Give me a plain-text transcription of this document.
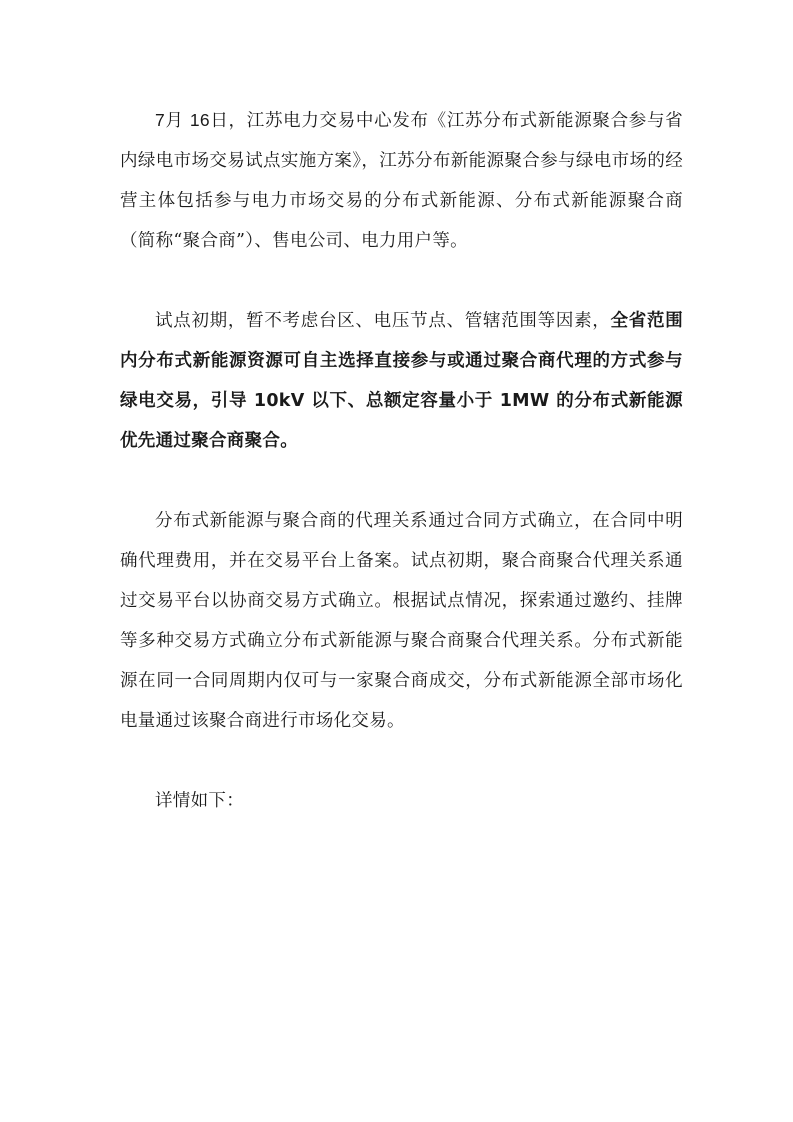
7月 16日，江苏电力交易中心发布《江苏分布式新能源聚合参与省内绿电市场交易试点实施方案》，江苏分布新能源聚合参与绿电市场的经营主体包括参与电力市场交易的分布式新能源、分布式新能源聚合商（简称“聚合商”）、售电公司、电力用户等。

试点初期，暂不考虑台区、电压节点、管辖范围等因素，全省范围内分布式新能源资源可自主选择直接参与或通过聚合商代理的方式参与绿电交易，引导 10kV 以下、总额定容量小于 1MW 的分布式新能源优先通过聚合商聚合。

分布式新能源与聚合商的代理关系通过合同方式确立，在合同中明确代理费用，并在交易平台上备案。试点初期，聚合商聚合代理关系通过交易平台以协商交易方式确立。根据试点情况，探索通过邀约、挂牌等多种交易方式确立分布式新能源与聚合商聚合代理关系。分布式新能源在同一合同周期内仅可与一家聚合商成交，分布式新能源全部市场化电量通过该聚合商进行市场化交易。

详情如下：
